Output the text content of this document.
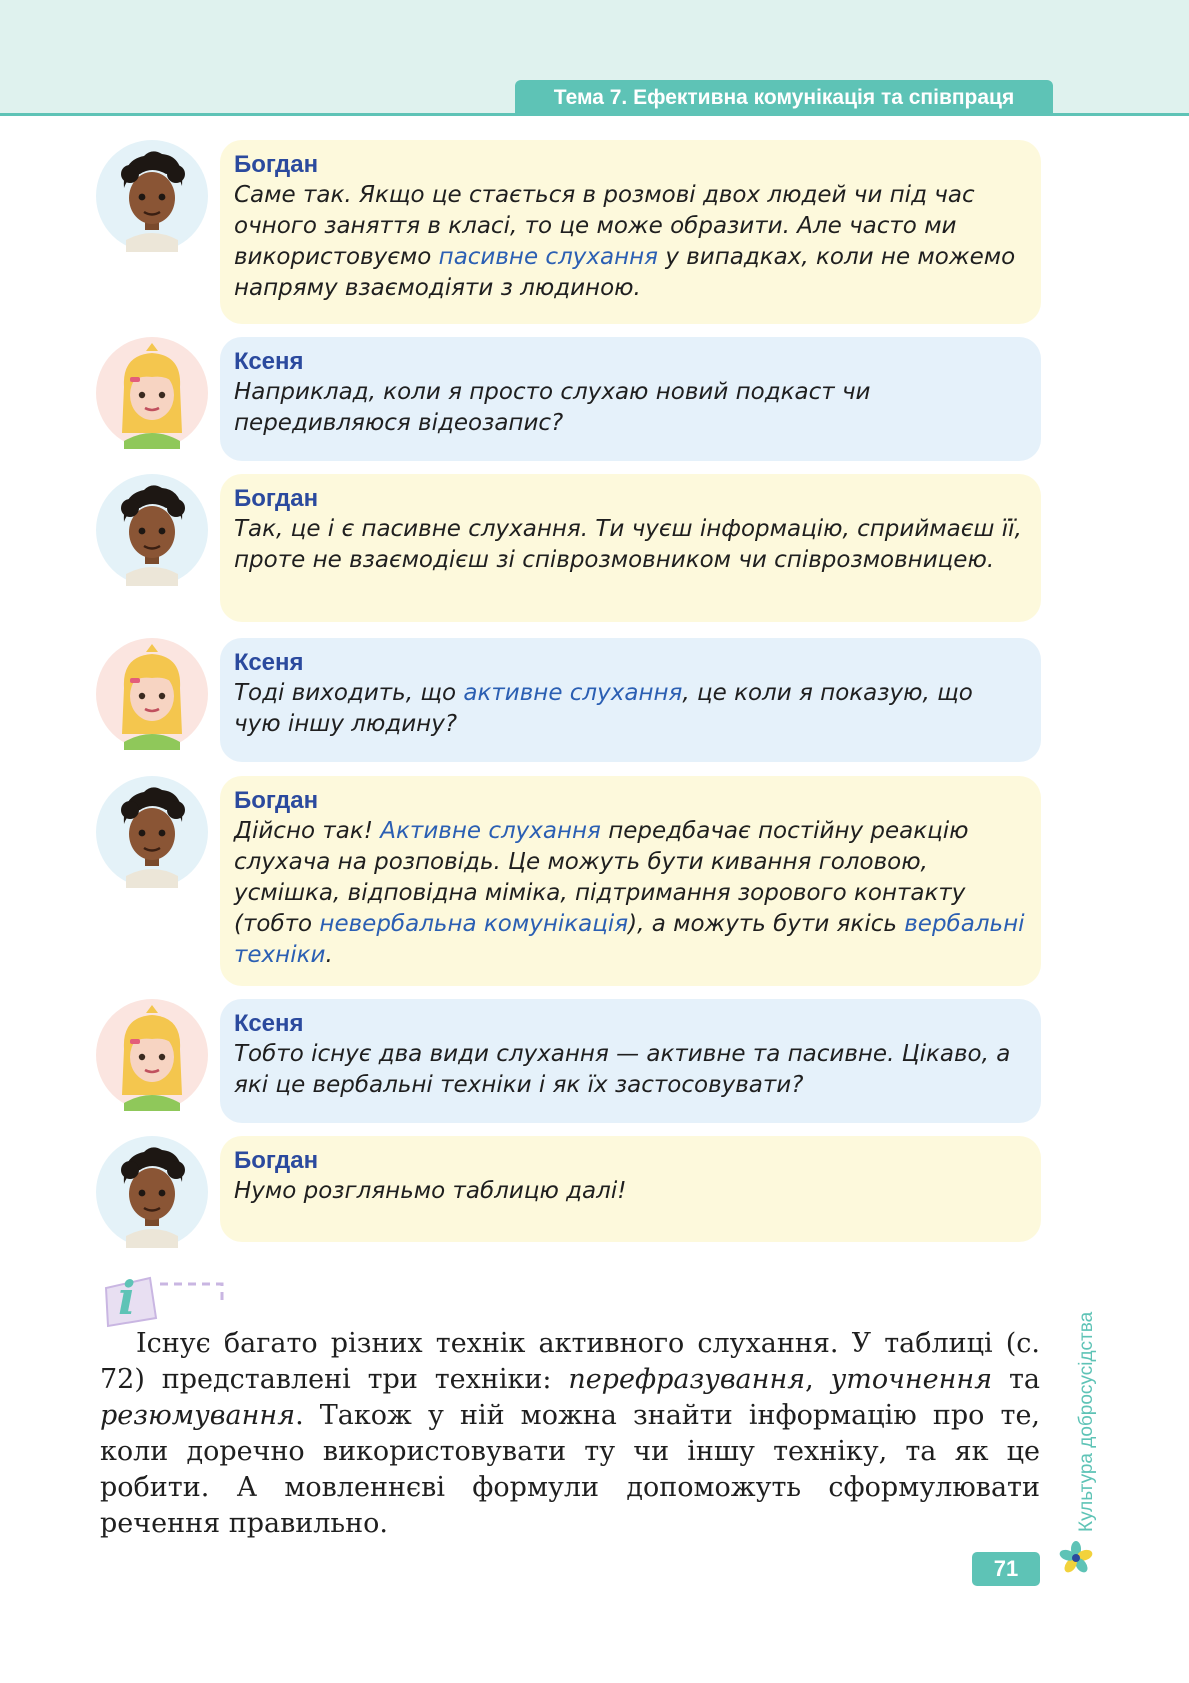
Тема 7. Ефективна комунікація та співпраця
Богдан
Саме так. Якщо це стається в розмові двох людей чи під час очного заняття в класі, то це може образити. Але часто ми використовуємо пасивне слухання у випадках, коли не можемо напряму взаємодіяти з людиною.
Ксеня
Наприклад, коли я просто слухаю новий подкаст чи передивляюся відеозапис?
Богдан
Так, це і є пасивне слухання. Ти чуєш інформацію, сприймаєш її, проте не взаємодієш зі співрозмовником чи співрозмовницею.
Ксеня
Тоді виходить, що активне слухання, це коли я показую, що чую іншу людину?
Богдан
Дійсно так! Активне слухання передбачає постійну реакцію слухача на розповідь. Це можуть бути кивання головою, усмішка, відповідна міміка, підтримання зорового контакту (тобто невербальна комунікація), а можуть бути якісь вербальні техніки.
Ксеня
Тобто існує два види слухання — активне та пасивне. Цікаво, а які це вербальні техніки і як їх застосовувати?
Богдан
Нумо розгляньмо таблицю далі!
i

Існує багато різних технік активного слухання. У таблиці (с. 72) представлені три техніки: перефразування, уточнення та резюмування. Також у ній можна знайти інформацію про те, коли доречно використовувати ту чи іншу техніку, та як це робити. А мовленнєві формули допоможуть сформулювати речення правильно.	Культура добросусідства
71
